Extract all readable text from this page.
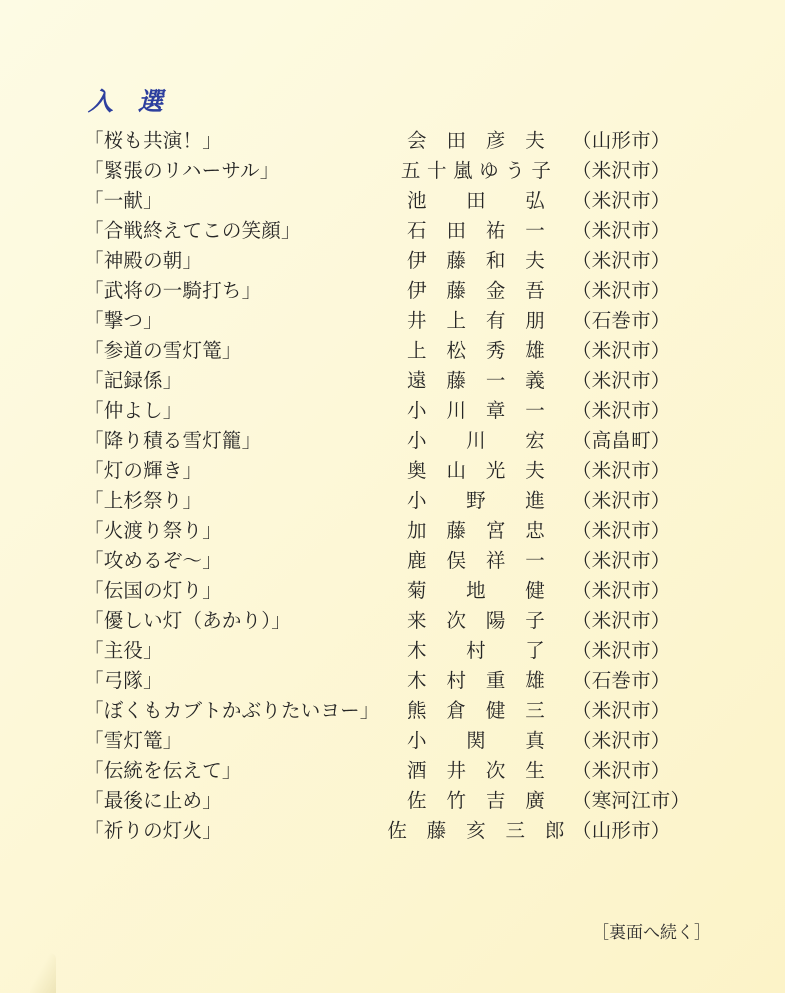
入 選
「桜も共演！」	会　田　彦　夫	（山形市）
「緊張のリハーサル」	五 十 嵐 ゆ う 子	（米沢市）
「一献」	池　　田　　弘	（米沢市）
「合戦終えてこの笑顔」	石　田　祐　一	（米沢市）
「神殿の朝」	伊　藤　和　夫	（米沢市）
「武将の一騎打ち」	伊　藤　金　吾	（米沢市）
「撃つ」	井　上　有　朋	（石巻市）
「参道の雪灯篭」	上　松　秀　雄	（米沢市）
「記録係」	遠　藤　一　義	（米沢市）
「仲よし」	小　川　章　一	（米沢市）
「降り積る雪灯籠」	小　　川　　宏	（高畠町）
「灯の輝き」	奥　山　光　夫	（米沢市）
「上杉祭り」	小　　野　　進	（米沢市）
「火渡り祭り」	加　藤　宮　忠	（米沢市）
「攻めるぞ〜」	鹿　俣　祥　一	（米沢市）
「伝国の灯り」	菊　　地　　健	（米沢市）
「優しい灯（あかり）」	来　次　陽　子	（米沢市）
「主役」	木　　村　　了	（米沢市）
「弓隊」	木　村　重　雄	（石巻市）
「ぼくもカブトかぶりたいヨー」	熊　倉　健　三	（米沢市）
「雪灯篭」	小　　関　　真	（米沢市）
「伝統を伝えて」	酒　井　次　生	（米沢市）
「最後に止め」	佐　竹　吉　廣	（寒河江市）
「祈りの灯火」	佐　藤　亥　三　郎 （山形市）
［裏面へ続く］
